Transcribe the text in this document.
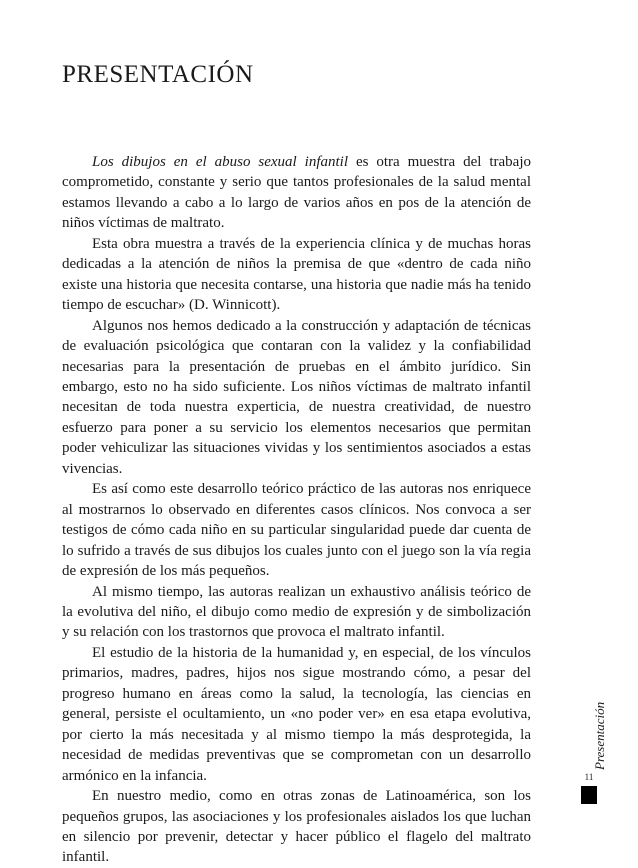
PRESENTACIÓN

Los dibujos en el abuso sexual infantil es otra muestra del trabajo comprometido, constante y serio que tantos profesionales de la salud mental estamos llevando a cabo a lo largo de varios años en pos de la atención de niños víctimas de maltrato.

Esta obra muestra a través de la experiencia clínica y de muchas horas dedicadas a la atención de niños la premisa de que «dentro de cada niño existe una historia que necesita contarse, una historia que nadie más ha tenido tiempo de escuchar» (D. Winnicott).

Algunos nos hemos dedicado a la construcción y adaptación de técnicas de evaluación psicológica que contaran con la validez y la confiabilidad necesarias para la presentación de pruebas en el ámbito jurídico. Sin embargo, esto no ha sido suficiente. Los niños víctimas de maltrato infantil necesitan de toda nuestra experticia, de nuestra creatividad, de nuestro esfuerzo para poner a su servicio los elementos necesarios que permitan poder vehiculizar las situaciones vividas y los sentimientos asociados a estas vivencias.

Es así como este desarrollo teórico práctico de las autoras nos enriquece al mostrarnos lo observado en diferentes casos clínicos. Nos convoca a ser testigos de cómo cada niño en su particular singularidad puede dar cuenta de lo sufrido a través de sus dibujos los cuales junto con el juego son la vía regia de expresión de los más pequeños.

Al mismo tiempo, las autoras realizan un exhaustivo análisis teórico de la evolutiva del niño, el dibujo como medio de expresión y de simbolización y su relación con los trastornos que provoca el maltrato infantil.

El estudio de la historia de la humanidad y, en especial, de los vínculos primarios, madres, padres, hijos nos sigue mostrando cómo, a pesar del progreso humano en áreas como la salud, la tecnología, las ciencias en general, persiste el ocultamiento, un «no poder ver» en esa etapa evolutiva, por cierto la más necesitada y al mismo tiempo la más desprotegida, la necesidad de medidas preventivas que se comprometan con un desarrollo armónico en la infancia.

En nuestro medio, como en otras zonas de Latinoamérica, son los pequeños grupos, las asociaciones y los profesionales aislados los que luchan en silencio por prevenir, detectar y hacer público el flagelo del maltrato infantil.

Presentación
11
